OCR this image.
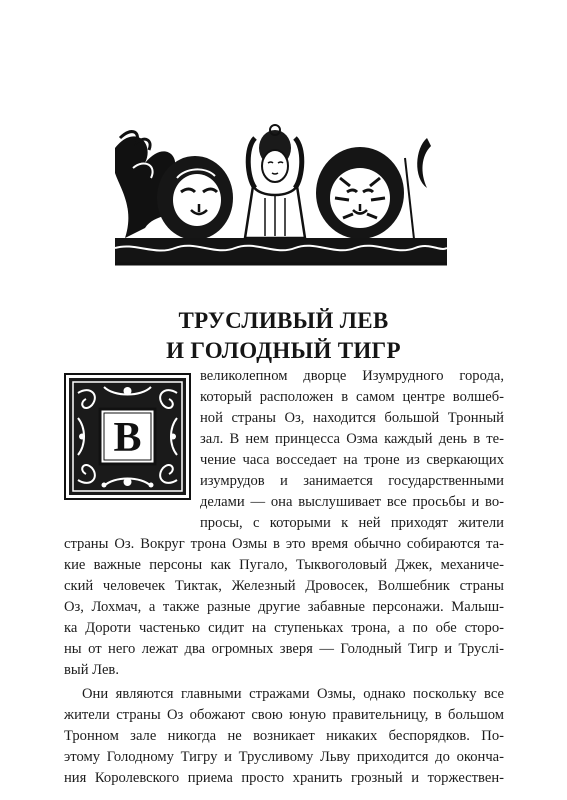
ТРУСЛИВЫЙ ЛЕВ
И ГОЛОДНЫЙ ТИГР
В
великолепном дворце Изумрудного города,
который расположен в самом центре волшеб-
ной страны Оз, находится большой Тронный
зал. В нем принцесса Озма каждый день в те-
чение часа восседает на троне из сверкающих
изумрудов и занимается государственными
делами — она выслушивает все просьбы и во-
просы, с которыми к ней приходят жители
страны Оз. Вокруг трона Озмы в это время обычно собираются та-
кие важные персоны как Пугало, Тыквоголовый Джек, механиче-
ский человечек Тиктак, Железный Дровосек, Волшебник страны
Оз, Лохмач, а также разные другие забавные персонажи. Малыш-
ка Дороти частенько сидит на ступеньках трона, а по обе сторо-
ны от него лежат два огромных зверя — Голодный Тигр и Труслi-
вый Лев.
Они являются главными стражами Озмы, однако поскольку все
жители страны Оз обожают свою юную правительницу, в большом
Тронном зале никогда не возникает никаких беспорядков. По-
этому Голодному Тигру и Трусливому Льву приходится до оконча-
ния Королевского приема просто хранить грозный и торжествен-
